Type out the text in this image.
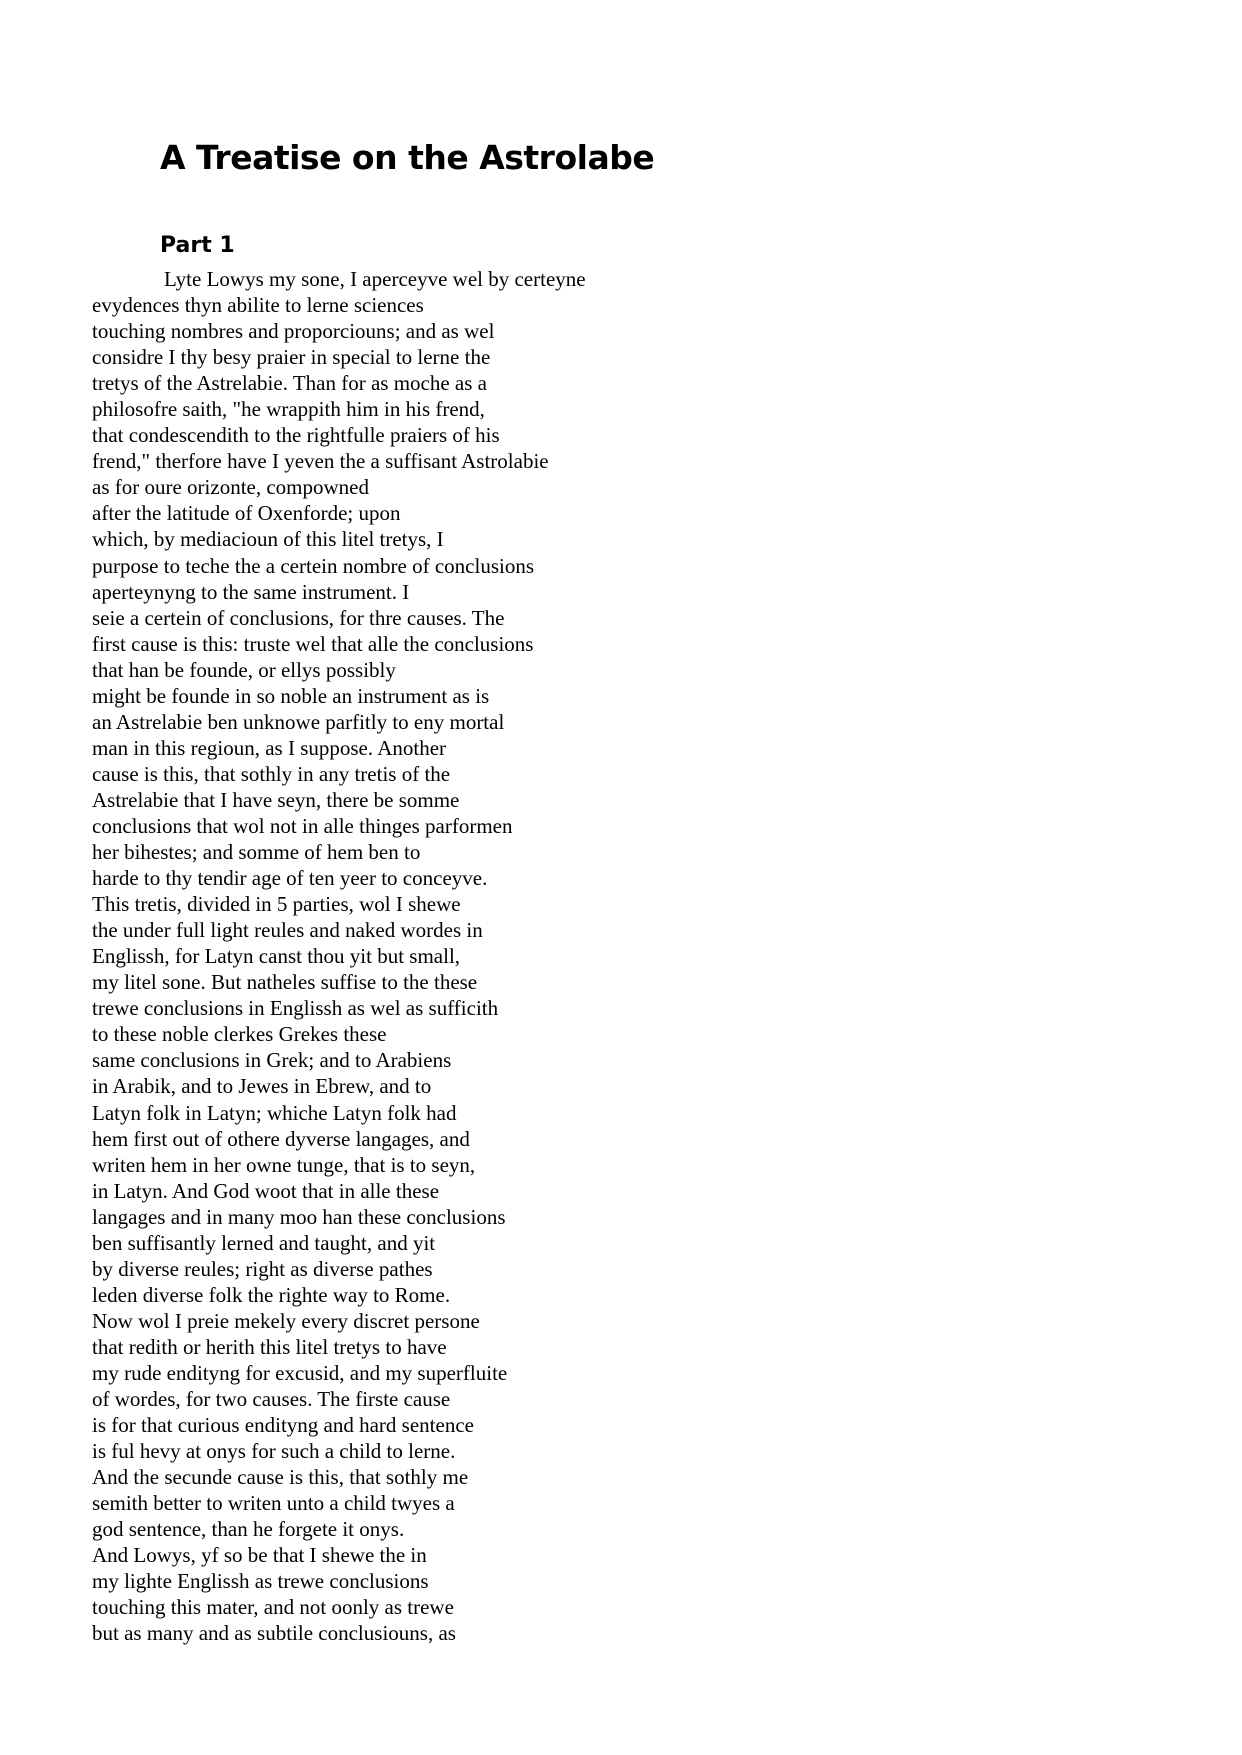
A Treatise on the Astrolabe
Part 1
Lyte Lowys my sone, I aperceyve wel by certeyne
evydences thyn abilite to lerne sciences
touching nombres and proporciouns; and as wel
considre I thy besy praier in special to lerne the
tretys of the Astrelabie. Than for as moche as a
philosofre saith, "he wrappith him in his frend,
that condescendith to the rightfulle praiers of his
frend," therfore have I yeven the a suffisant Astrolabie
as for oure orizonte, compowned
after the latitude of Oxenforde; upon
which, by mediacioun of this litel tretys, I
purpose to teche the a certein nombre of conclusions
aperteynyng to the same instrument. I
seie a certein of conclusions, for thre causes. The
first cause is this: truste wel that alle the conclusions
that han be founde, or ellys possibly
might be founde in so noble an instrument as is
an Astrelabie ben unknowe parfitly to eny mortal
man in this regioun, as I suppose. Another
cause is this, that sothly in any tretis of the
Astrelabie that I have seyn, there be somme
conclusions that wol not in alle thinges parformen
her bihestes; and somme of hem ben to
harde to thy tendir age of ten yeer to conceyve.
This tretis, divided in 5 parties, wol I shewe
the under full light reules and naked wordes in
Englissh, for Latyn canst thou yit but small,
my litel sone. But natheles suffise to the these
trewe conclusions in Englissh as wel as sufficith
to these noble clerkes Grekes these
same conclusions in Grek; and to Arabiens
in Arabik, and to Jewes in Ebrew, and to
Latyn folk in Latyn; whiche Latyn folk had
hem first out of othere dyverse langages, and
writen hem in her owne tunge, that is to seyn,
in Latyn. And God woot that in alle these
langages and in many moo han these conclusions
ben suffisantly lerned and taught, and yit
by diverse reules; right as diverse pathes
leden diverse folk the righte way to Rome.
Now wol I preie mekely every discret persone
that redith or herith this litel tretys to have
my rude endityng for excusid, and my superfluite
of wordes, for two causes. The firste cause
is for that curious endityng and hard sentence
is ful hevy at onys for such a child to lerne.
And the secunde cause is this, that sothly me
semith better to writen unto a child twyes a
god sentence, than he forgete it onys.
And Lowys, yf so be that I shewe the in
my lighte Englissh as trewe conclusions
touching this mater, and not oonly as trewe
but as many and as subtile conclusiouns, as
